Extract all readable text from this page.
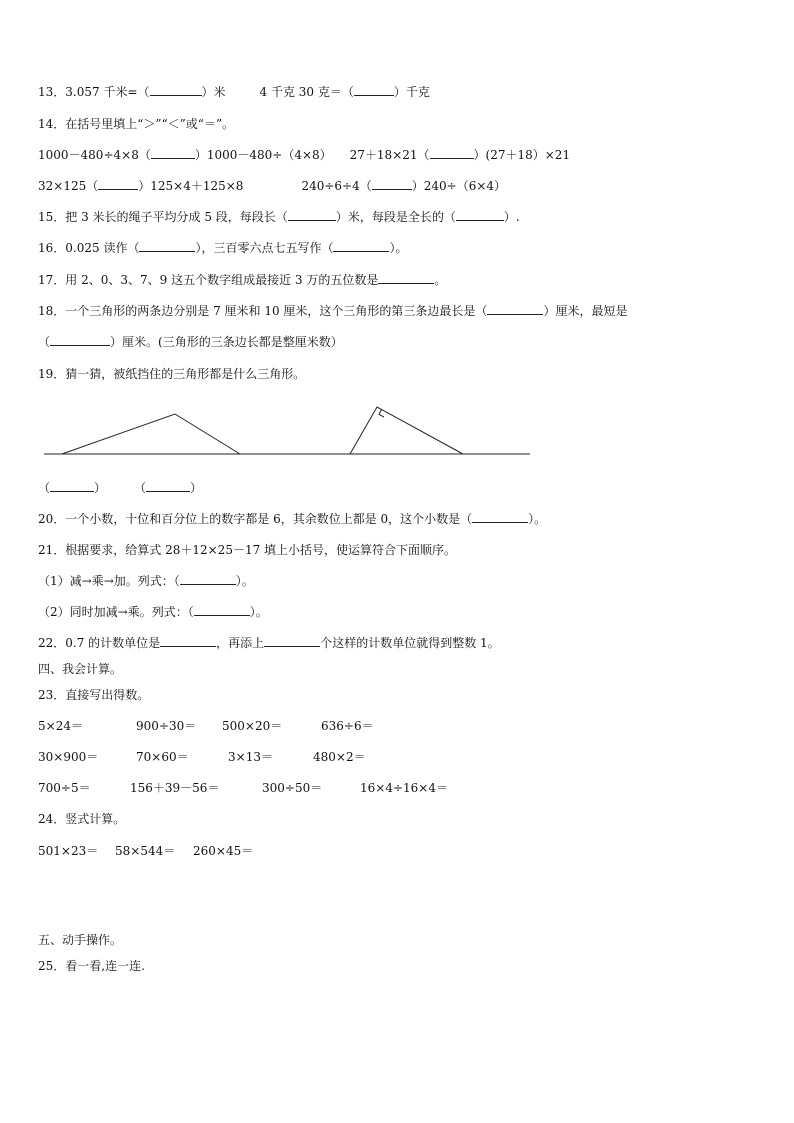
13．3.057 千米=（	）米	4 千克 30 克＝（	）千克
14．在括号里填上“＞”“＜”或“＝”。
1000－480÷4×8（	）1000－480÷（4×8） 27＋18×21（	）(27＋18）×21
32×125（	）125×4＋125×8	240÷6÷4（	）240÷（6×4）
15．把 3 米长的绳子平均分成 5 段，每段长（	）米，每段是全长的（	）.
16．0.025 读作（	），三百零六点七五写作（	）。
17．用 2、0、3、7、9 这五个数字组成最接近 3 万的五位数是	。
18．一个三角形的两条边分别是 7 厘米和 10 厘米，这个三角形的第三条边最长是（	）厘米，最短是
（	）厘米。(三角形的三条边长都是整厘米数）
19．猜一猜，被纸挡住的三角形都是什么三角形。
（	） （	）
20．一个小数，十位和百分位上的数字都是 6，其余数位上都是 0，这个小数是（	）。
21．根据要求，给算式 28＋12×25－17 填上小括号，使运算符合下面顺序。
（1）减→乘→加。列式：（	）。
（2）同时加减→乘。列式：（	）。
22．0.7 的计数单位是	，再添上	个这样的计数单位就得到整数 1。
四、我会计算。
23．直接写出得数。
5×24＝	900÷30＝ 500×20＝	636÷6＝
30×900＝	70×60＝	3×13＝	480×2＝
700÷5＝	156＋39－56＝	300÷50＝	16×4÷16×4＝
24．竖式计算。
501×23＝ 58×544＝ 260×45＝
五、动手操作。
25．看一看,连一连.
